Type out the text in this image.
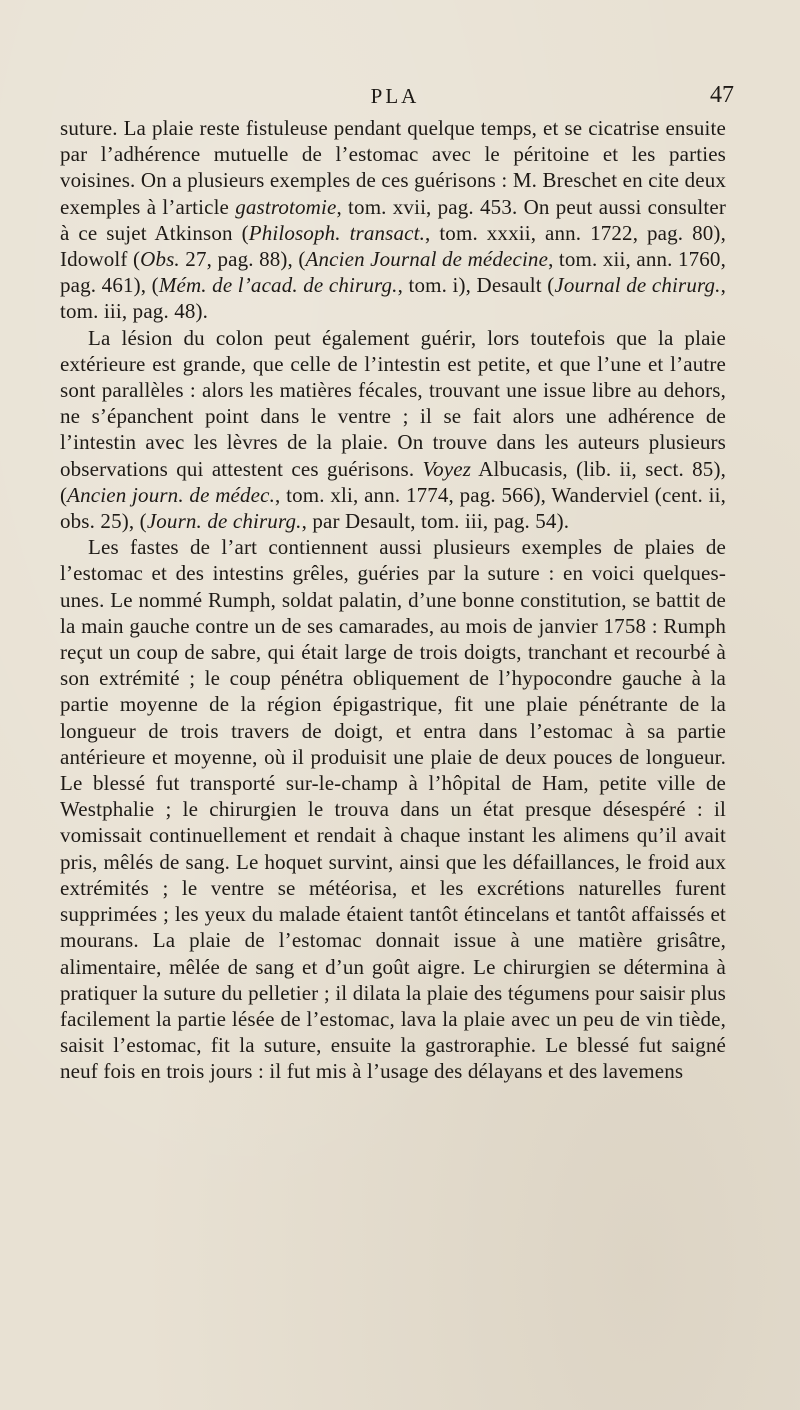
PLA	47

suture. La plaie reste fistuleuse pendant quelque temps, et se cicatrise ensuite par l’adhérence mutuelle de l’estomac avec le péritoine et les parties voisines. On a plusieurs exemples de ces guérisons : M. Breschet en cite deux exemples à l’article gastrotomie, tom. xvii, pag. 453. On peut aussi consulter à ce sujet Atkinson (Philosoph. transact., tom. xxxii, ann. 1722, pag. 80), Idowolf (Obs. 27, pag. 88), (Ancien Journal de médecine, tom. xii, ann. 1760, pag. 461), (Mém. de l’acad. de chirurg., tom. i), Desault (Journal de chirurg., tom. iii, pag. 48).

La lésion du colon peut également guérir, lors toutefois que la plaie extérieure est grande, que celle de l’intestin est petite, et que l’une et l’autre sont parallèles : alors les matières fécales, trouvant une issue libre au dehors, ne s’épanchent point dans le ventre ; il se fait alors une adhérence de l’intestin avec les lèvres de la plaie. On trouve dans les auteurs plusieurs observations qui attestent ces guérisons. Voyez Albucasis, (lib. ii, sect. 85), (Ancien journ. de médec., tom. xli, ann. 1774, pag. 566), Wanderviel (cent. ii, obs. 25), (Journ. de chirurg., par Desault, tom. iii, pag. 54).

Les fastes de l’art contiennent aussi plusieurs exemples de plaies de l’estomac et des intestins grêles, guéries par la suture : en voici quelques-unes. Le nommé Rumph, soldat palatin, d’une bonne constitution, se battit de la main gauche contre un de ses camarades, au mois de janvier 1758 : Rumph reçut un coup de sabre, qui était large de trois doigts, tranchant et recourbé à son extrémité ; le coup pénétra obliquement de l’hypocondre gauche à la partie moyenne de la région épigastrique, fit une plaie pénétrante de la longueur de trois travers de doigt, et entra dans l’estomac à sa partie antérieure et moyenne, où il produisit une plaie de deux pouces de longueur. Le blessé fut transporté sur-le-champ à l’hôpital de Ham, petite ville de Westphalie ; le chirurgien le trouva dans un état presque désespéré : il vomissait continuellement et rendait à chaque instant les alimens qu’il avait pris, mêlés de sang. Le hoquet survint, ainsi que les défaillances, le froid aux extrémités ; le ventre se météorisa, et les excrétions naturelles furent supprimées ; les yeux du malade étaient tantôt étincelans et tantôt affaissés et mourans. La plaie de l’estomac donnait issue à une matière grisâtre, alimentaire, mêlée de sang et d’un goût aigre. Le chirurgien se détermina à pratiquer la suture du pelletier ; il dilata la plaie des tégumens pour saisir plus facilement la partie lésée de l’estomac, lava la plaie avec un peu de vin tiède, saisit l’estomac, fit la suture, ensuite la gastroraphie. Le blessé fut saigné neuf fois en trois jours : il fut mis à l’usage des délayans et des lavemens
